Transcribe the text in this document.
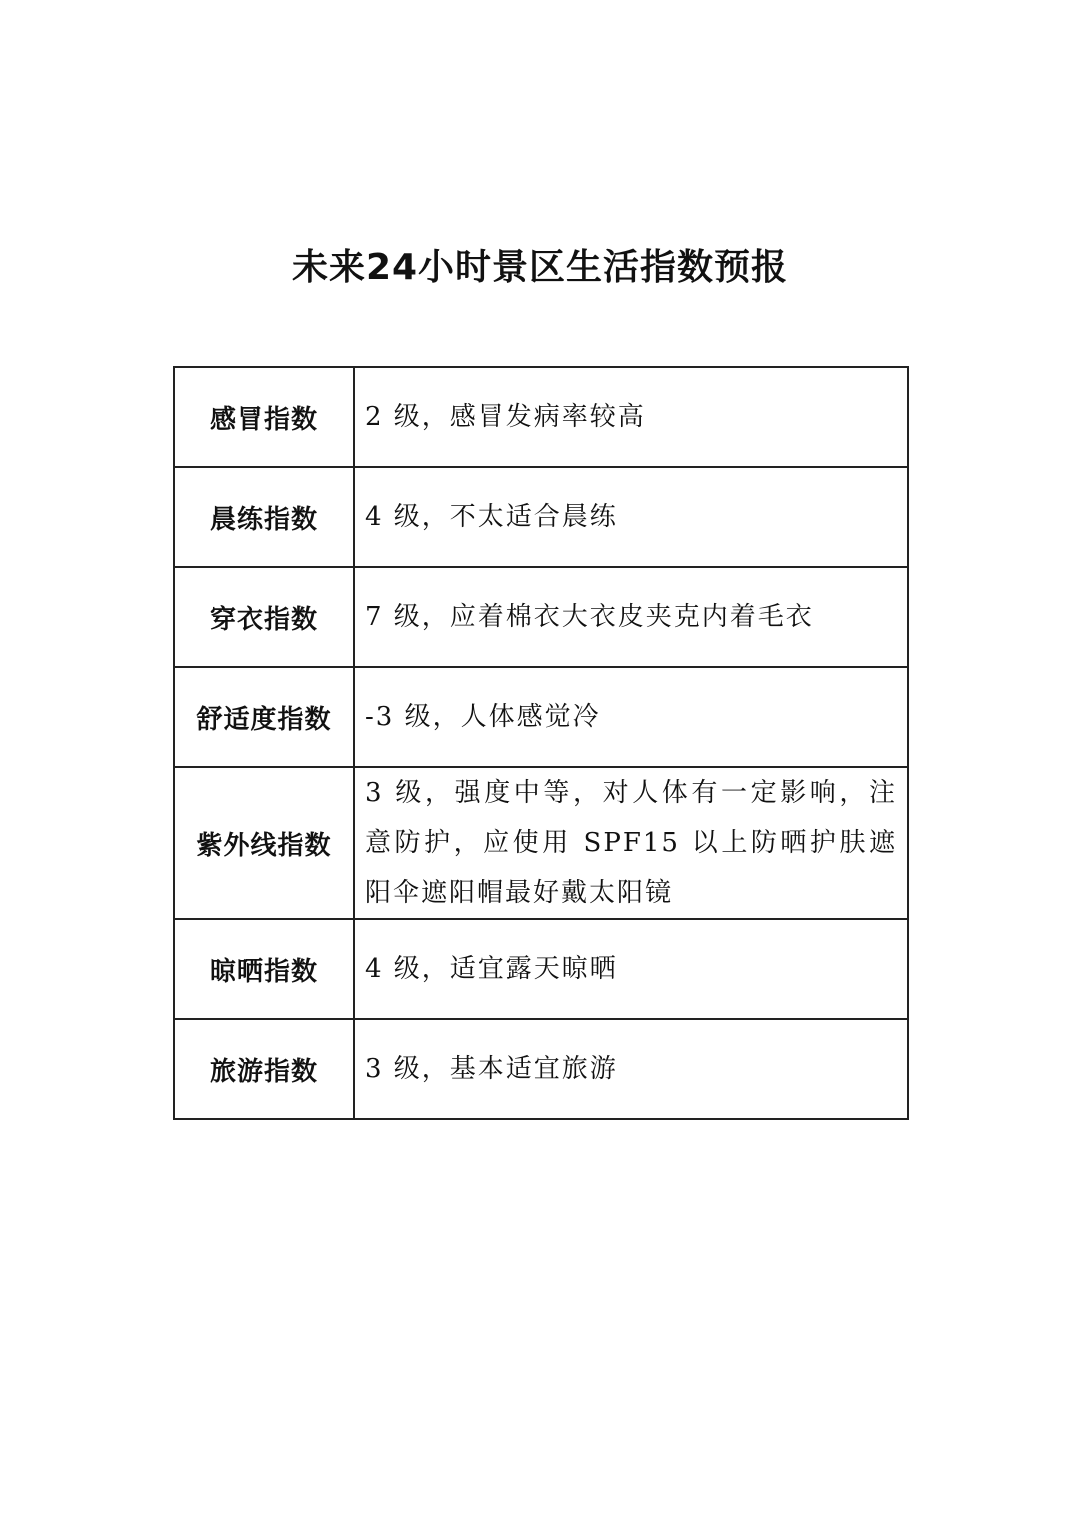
未来24小时景区生活指数预报
感冒指数	2 级，感冒发病率较高
晨练指数	4 级，不太适合晨练
穿衣指数	7 级，应着棉衣大衣皮夹克内着毛衣
舒适度指数	-3 级，人体感觉冷
紫外线指数	3 级，强度中等，对人体有一定影响，注意防护，应使用 SPF15 以上防晒护肤遮阳伞遮阳帽最好戴太阳镜
晾晒指数	4 级，适宜露天晾晒
旅游指数	3 级，基本适宜旅游
